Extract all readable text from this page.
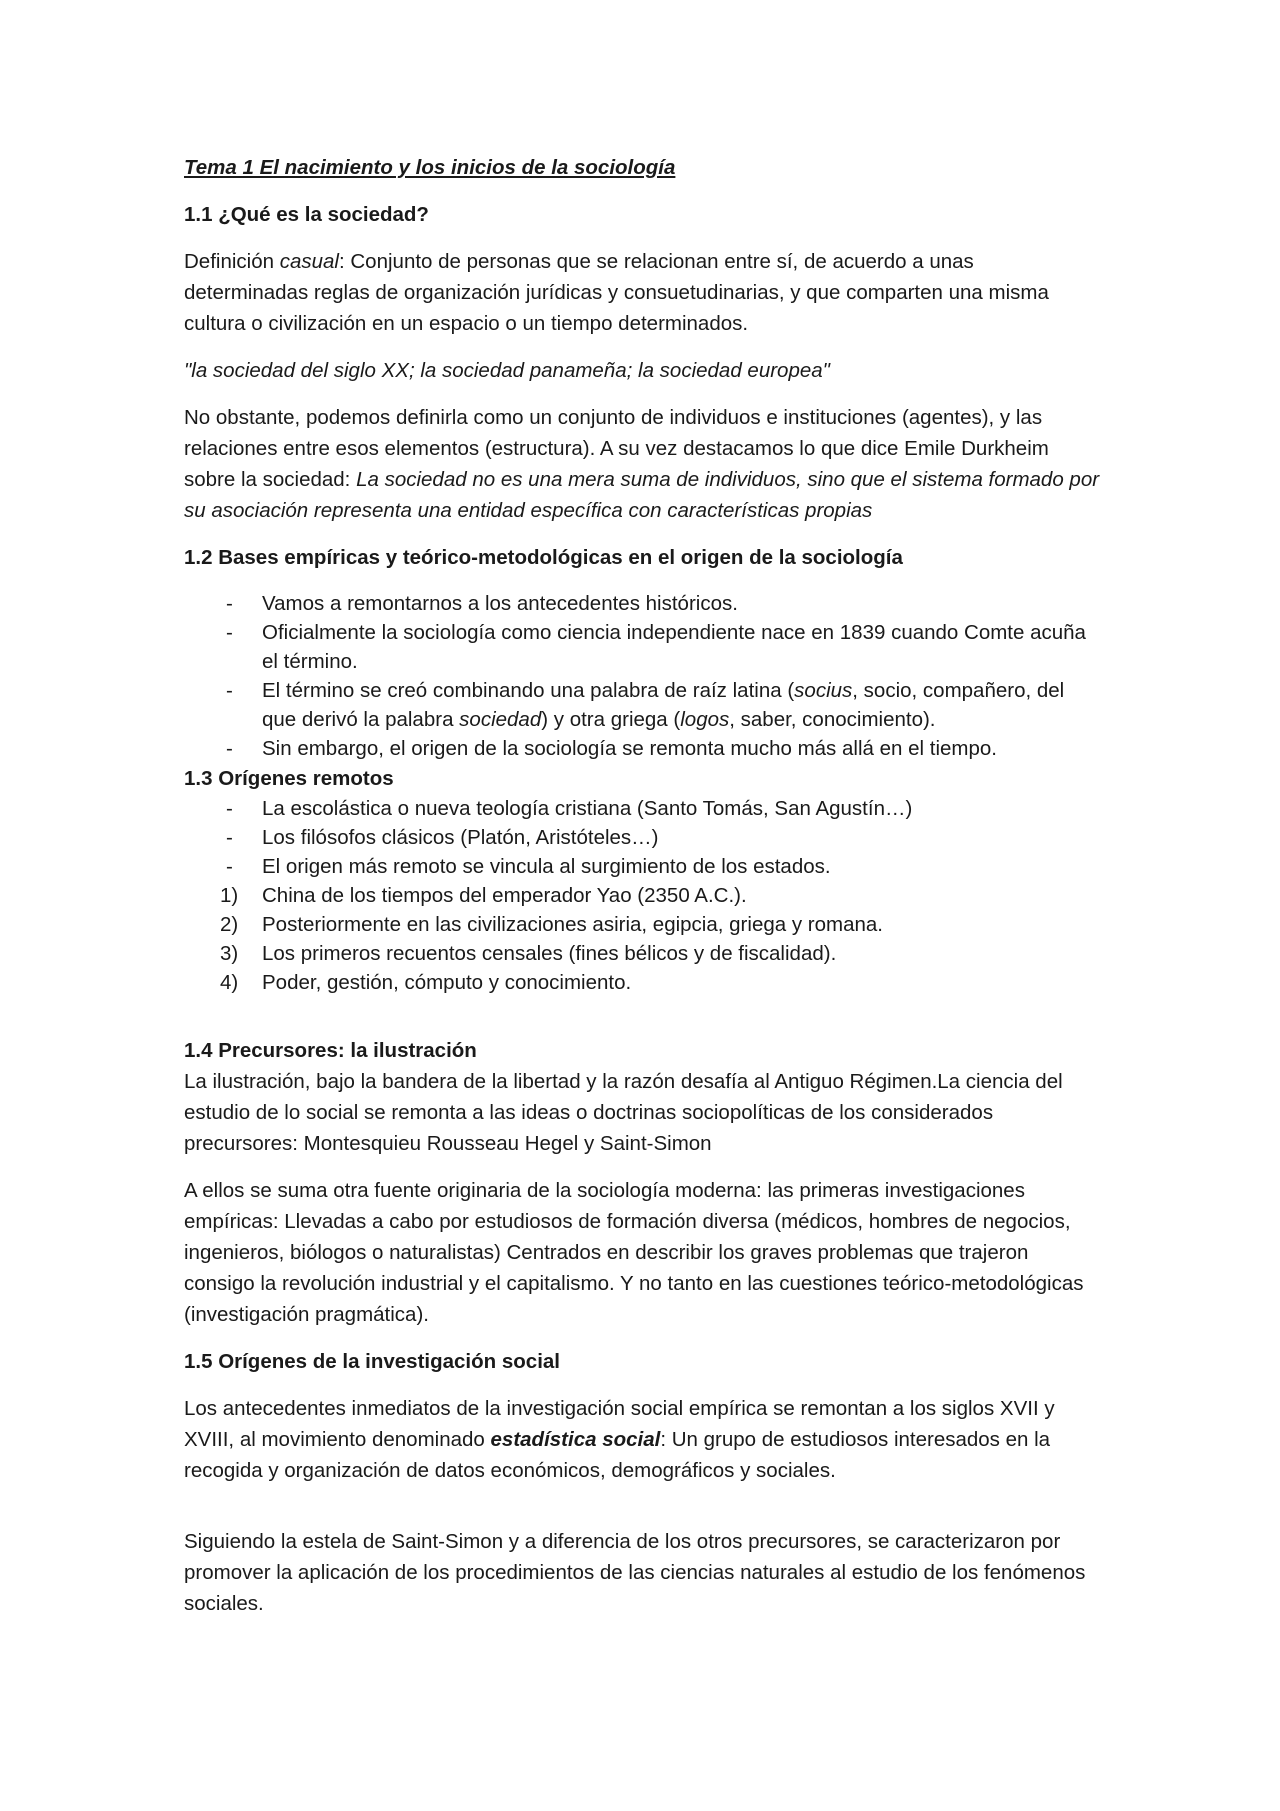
Tema 1 El nacimiento y los inicios de la sociología
1.1 ¿Qué es la sociedad?

Definición casual: Conjunto de personas que se relacionan entre sí, de acuerdo a unas determinadas reglas de organización jurídicas y consuetudinarias, y que comparten una misma cultura o civilización en un espacio o un tiempo determinados.

"la sociedad del siglo XX; la sociedad panameña; la sociedad europea"

No obstante, podemos definirla como un conjunto de individuos e instituciones (agentes), y las relaciones entre esos elementos (estructura). A su vez destacamos lo que dice Emile Durkheim sobre la sociedad: La sociedad no es una mera suma de individuos, sino que el sistema formado por su asociación representa una entidad específica con características propias

1.2 Bases empíricas y teórico-metodológicas en el origen de la sociología
- Vamos a remontarnos a los antecedentes históricos.
- Oficialmente la sociología como ciencia independiente nace en 1839 cuando Comte acuña el término.
- El término se creó combinando una palabra de raíz latina (socius, socio, compañero, del que derivó la palabra sociedad) y otra griega (logos, saber, conocimiento).
- Sin embargo, el origen de la sociología se remonta mucho más allá en el tiempo.
1.3 Orígenes remotos
- La escolástica o nueva teología cristiana (Santo Tomás, San Agustín…)
- Los filósofos clásicos (Platón, Aristóteles…)
- El origen más remoto se vincula al surgimiento de los estados.
1) China de los tiempos del emperador Yao (2350 A.C.).
2) Posteriormente en las civilizaciones asiria, egipcia, griega y romana.
3) Los primeros recuentos censales (fines bélicos y de fiscalidad).
4) Poder, gestión, cómputo y conocimiento.
1.4 Precursores: la ilustración

La ilustración, bajo la bandera de la libertad y la razón desafía al Antiguo Régimen.La ciencia del estudio de lo social se remonta a las ideas o doctrinas sociopolíticas de los considerados precursores: Montesquieu Rousseau Hegel y Saint-Simon

A ellos se suma otra fuente originaria de la sociología moderna: las primeras investigaciones empíricas: Llevadas a cabo por estudiosos de formación diversa (médicos, hombres de negocios, ingenieros, biólogos o naturalistas) Centrados en describir los graves problemas que trajeron consigo la revolución industrial y el capitalismo. Y no tanto en las cuestiones teórico-metodológicas (investigación pragmática).

1.5 Orígenes de la investigación social

Los antecedentes inmediatos de la investigación social empírica se remontan a los siglos XVII y XVIII, al movimiento denominado estadística social: Un grupo de estudiosos interesados en la recogida y organización de datos económicos, demográficos y sociales.

Siguiendo la estela de Saint-Simon y a diferencia de los otros precursores, se caracterizaron por promover la aplicación de los procedimientos de las ciencias naturales al estudio de los fenómenos sociales.
